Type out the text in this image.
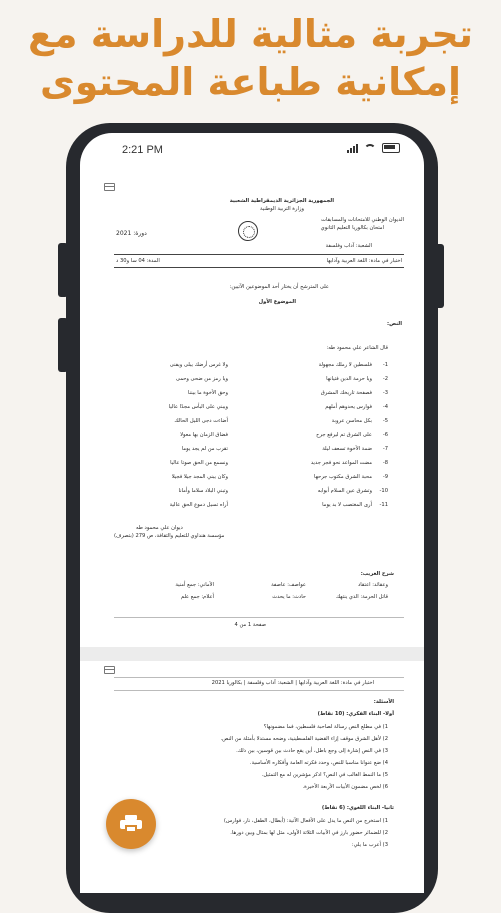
تجربة مثالية للدراسة مع
إمكانية طباعة المحتوى
2:21 PM
الجمهورية الجزائرية الديمقراطية الشعبية
وزارة التربية الوطنية
الديوان الوطني للامتحانات والمسابقات
امتحان بكالوريا التعليم الثانوي
دورة: 2021
الشعبة: آداب وفلسفة
اختبار في مادة: اللغة العربية وآدابها
المدة: 04 سا و30 د
على المترشح أن يختار أحد الموضوعين الآتيين:
الموضوع الأول
النص:
قال الشاعر علي محمود طه:
1-
فلسطين لا رملك مجهولة
ولا غرس أرضك يبلى ويفنى
2-
ويا حرمة الدين فتيانها
ويا رمز من ضحى وحمى
3-
فصفحة تاريخك المشرق
وحق الأخوة ما بيننا
4-
فوارس يحدوهم أملهم
ويبني على البأس مجدًا عاليا
5-
بكل محاسن عروبة
أضاءت دجى الليل الحالك
6-
على الشرق تم ليرفع جرح
فضاق الزمان بها معولا
7-
ضمة الأخوة تسعف ليلة
تقرب من لم يجد يوما
8-
مضت المواعد نحو فجر جديد
ونسمع من الحق صوتا عاليا
9-
محبة الشرق مكتوب جرحها
وكان يبني المجد جيلا فجيلا
10-
وتشرق عين السلام أبوابه
وتبني البلاد سلاما وأمانا
11-
أرى المغتصب لا بد يوما
أراه تسيل دموع الحق عالية
ديوان علي محمود طه
مؤسسة هنداوي للتعليم والثقافة، ص 279 (بتصرف)
شرح الغريب:
وعقائد: اعتقاد
عواصف: عاصفة
الأماني: جمع أمنية
قاتل الحرمة: الذي ينتهك
حادث: ما يحدث
أعلام: جمع علم
صفحة 1 من 4
اختبار في مادة: اللغة العربية وآدابها | الشعبة: آداب وفلسفة | بكالوريا 2021
الأسئلة:
أولا- البناء الفكري: (10 نقاط)
1) في مطلع النص رسالة لصاحبة فلسطين، فما مضمونها؟
2) لأهل الشرق موقف إزاء القضية الفلسطينية، وضحه مستدلا بأمثلة من النص.
3) في النص إشارة إلى وجع باطل، أين يقع حادث بين قوسين، بين ذلك.
4) ضع عنوانا مناسبا للنص، وحدد فكرته العامة وأفكاره الأساسية.
5) ما النمط الغالب في النص؟ اذكر مؤشرين له مع التمثيل.
6) لخص مضمون الأبيات الأربعة الأخيرة.
ثانيا- البناء اللغوي: (6 نقاط)
1) استخرج من النص ما يدل على الأفعال الآتية: (أبطال، الطفل، نار، فوارس)
2) للضمائر حضور بارز في الأبيات الثلاثة الأولى، مثل لها بمثال وبين دورها.
3) أعرب ما يلي:
